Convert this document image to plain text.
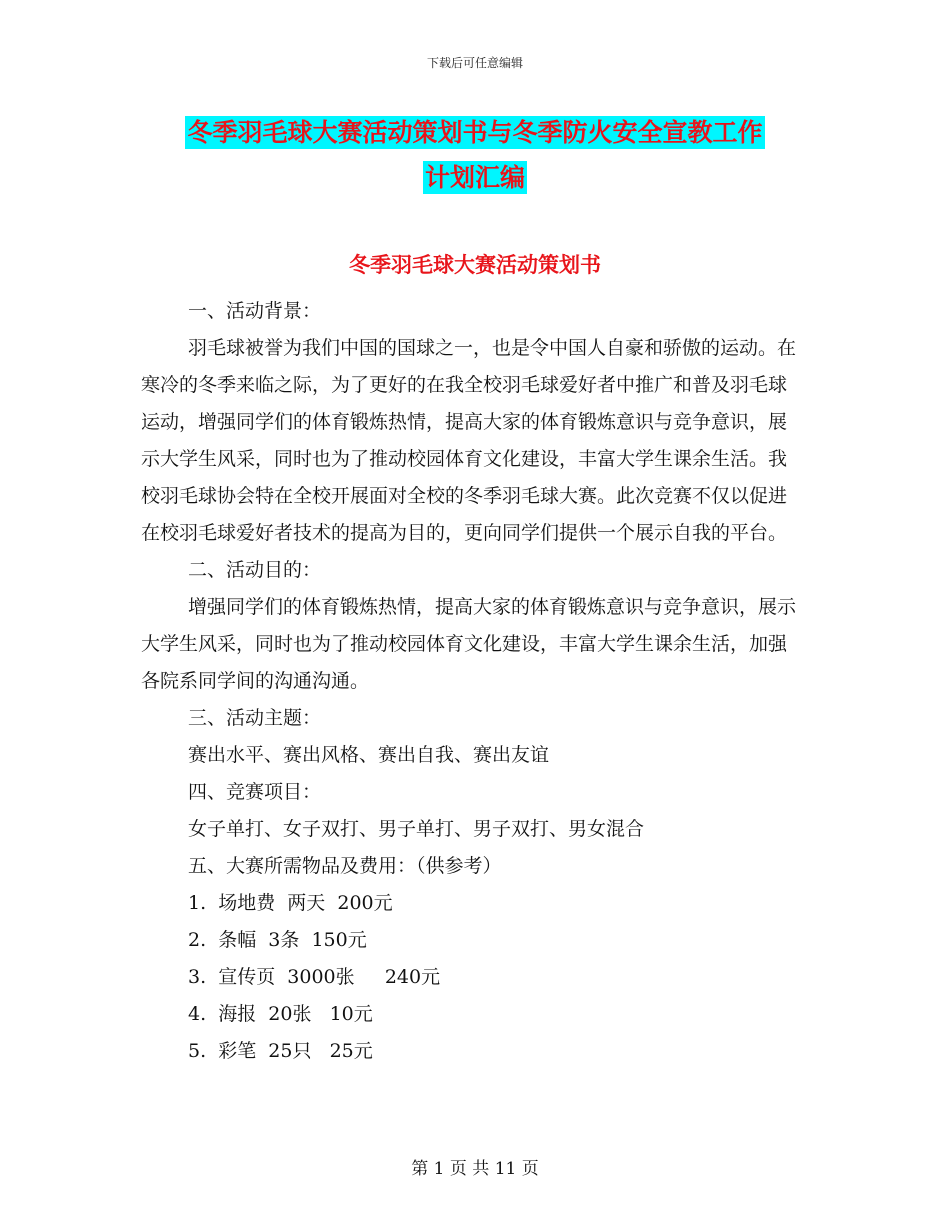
下载后可任意编辑
冬季羽毛球大赛活动策划书与冬季防火安全宣教工作
计划汇编
冬季羽毛球大赛活动策划书

一、活动背景：

羽毛球被誉为我们中国的国球之一，也是令中国人自豪和骄傲的运动。在寒冷的冬季来临之际，为了更好的在我全校羽毛球爱好者中推广和普及羽毛球运动，增强同学们的体育锻炼热情，提高大家的体育锻炼意识与竞争意识，展示大学生风采，同时也为了推动校园体育文化建设，丰富大学生课余生活。我校羽毛球协会特在全校开展面对全校的冬季羽毛球大赛。此次竞赛不仅以促进在校羽毛球爱好者技术的提高为目的，更向同学们提供一个展示自我的平台。

二、活动目的：

增强同学们的体育锻炼热情，提高大家的体育锻炼意识与竞争意识，展示大学生风采，同时也为了推动校园体育文化建设，丰富大学生课余生活，加强各院系同学间的沟通沟通。

三、活动主题：

赛出水平、赛出风格、赛出自我、赛出友谊

四、竞赛项目：

女子单打、女子双打、男子单打、男子双打、男女混合

五、大赛所需物品及费用：（供参考）

1.  场地费  两天  200元

2.  条幅  3条  150元

3.  宣传页  3000张     240元

4.  海报  20张   10元

5.  彩笔  25只   25元

第 1 页 共 11 页
